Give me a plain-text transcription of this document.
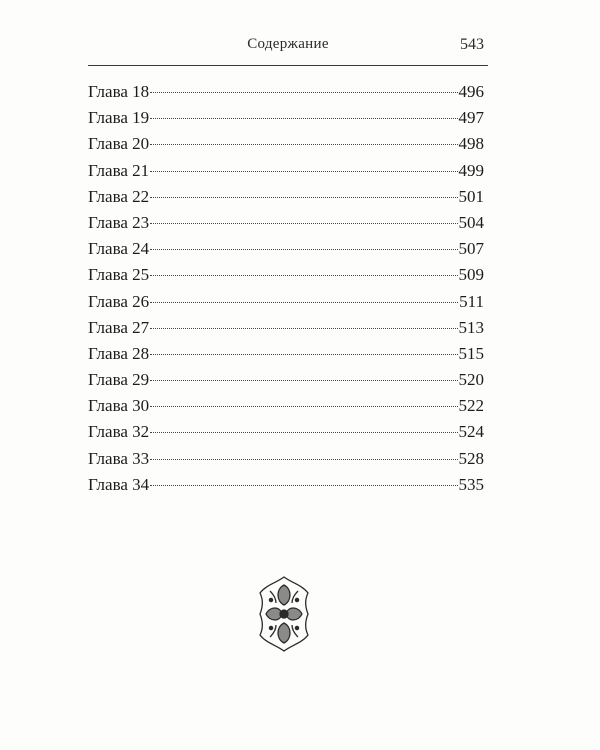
Содержание	543
Глава 18	496
Глава 19	497
Глава 20	498
Глава 21	499
Глава 22	501
Глава 23	504
Глава 24	507
Глава 25	509
Глава 26	511
Глава 27	513
Глава 28	515
Глава 29	520
Глава 30	522
Глава 32	524
Глава 33	528
Глава 34	535
